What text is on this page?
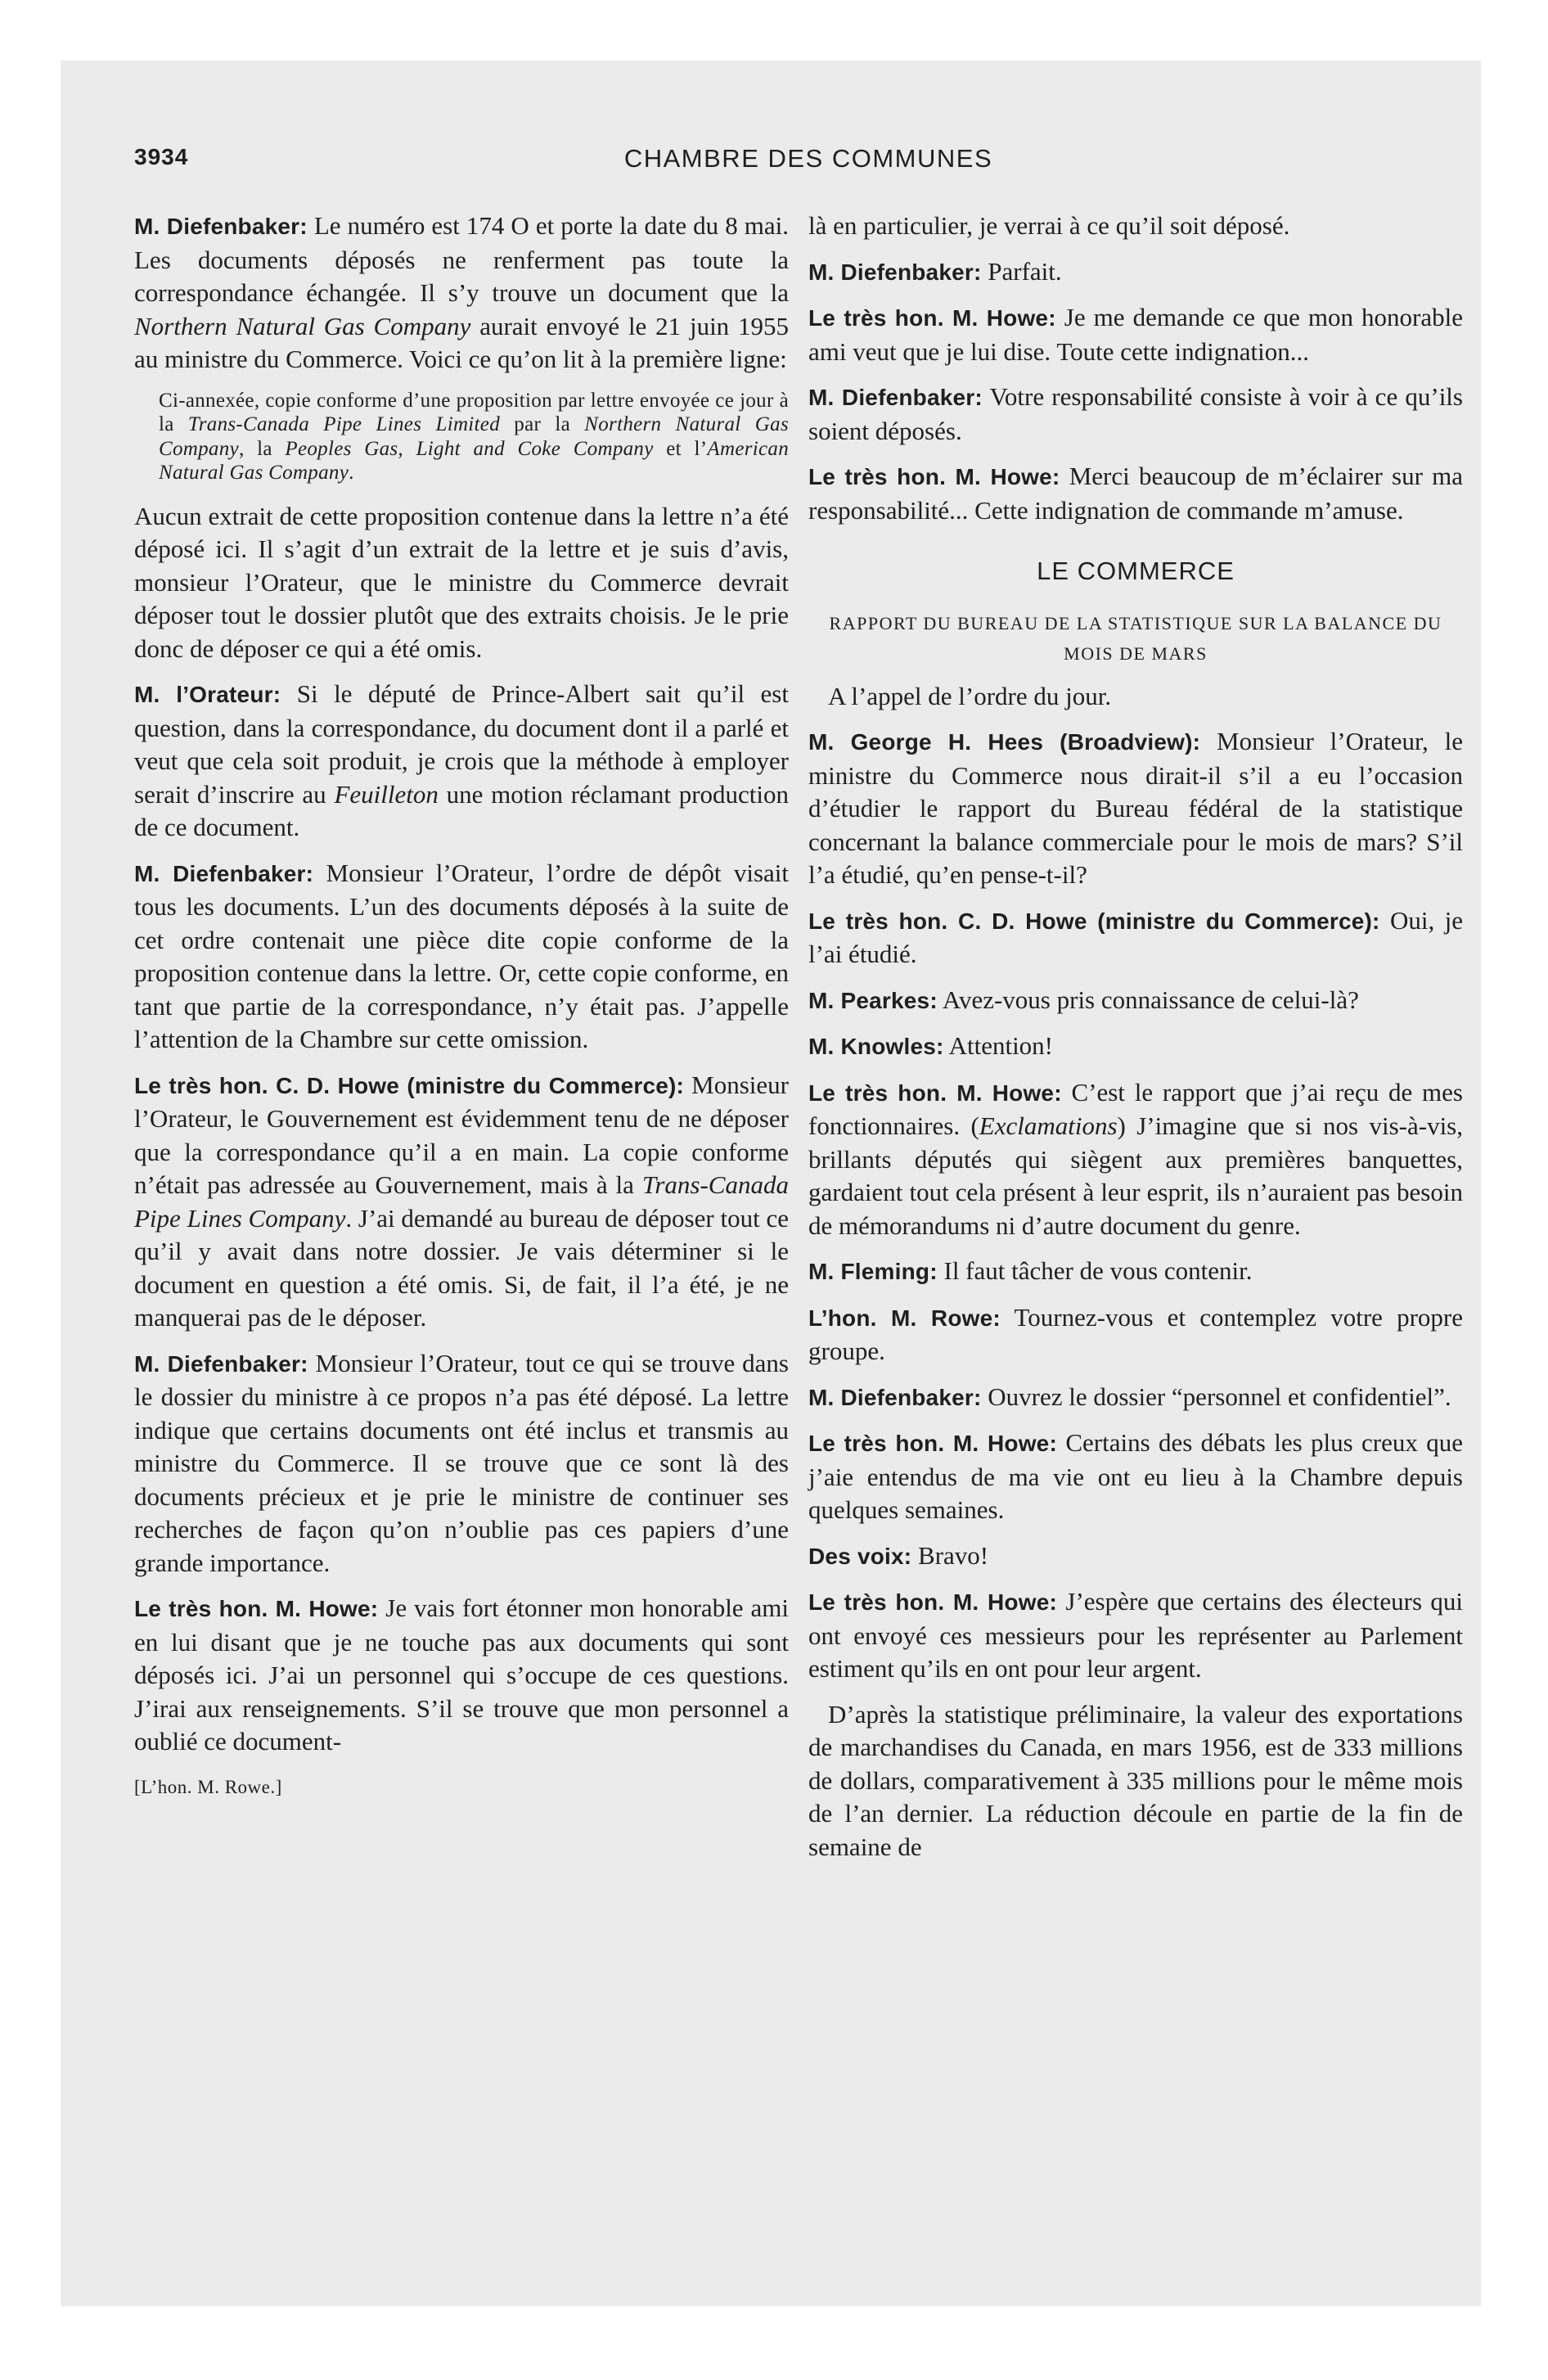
3934	CHAMBRE DES COMMUNES

M. Diefenbaker: Le numéro est 174 O et porte la date du 8 mai. Les documents déposés ne renferment pas toute la correspondance échangée. Il s’y trouve un document que la Northern Natural Gas Company aurait envoyé le 21 juin 1955 au ministre du Commerce. Voici ce qu’on lit à la première ligne:

Ci-annexée, copie conforme d’une proposition par lettre envoyée ce jour à la Trans-Canada Pipe Lines Limited par la Northern Natural Gas Company, la Peoples Gas, Light and Coke Company et l’American Natural Gas Company.

Aucun extrait de cette proposition contenue dans la lettre n’a été déposé ici. Il s’agit d’un extrait de la lettre et je suis d’avis, monsieur l’Orateur, que le ministre du Commerce devrait déposer tout le dossier plutôt que des extraits choisis. Je le prie donc de déposer ce qui a été omis.

M. l’Orateur: Si le député de Prince-Albert sait qu’il est question, dans la correspondance, du document dont il a parlé et veut que cela soit produit, je crois que la méthode à employer serait d’inscrire au Feuilleton une motion réclamant production de ce document.

M. Diefenbaker: Monsieur l’Orateur, l’ordre de dépôt visait tous les documents. L’un des documents déposés à la suite de cet ordre contenait une pièce dite copie conforme de la proposition contenue dans la lettre. Or, cette copie conforme, en tant que partie de la correspondance, n’y était pas. J’appelle l’attention de la Chambre sur cette omission.

Le très hon. C. D. Howe (ministre du Commerce): Monsieur l’Orateur, le Gouvernement est évidemment tenu de ne déposer que la correspondance qu’il a en main. La copie conforme n’était pas adressée au Gouvernement, mais à la Trans-Canada Pipe Lines Company. J’ai demandé au bureau de déposer tout ce qu’il y avait dans notre dossier. Je vais déterminer si le document en question a été omis. Si, de fait, il l’a été, je ne manquerai pas de le déposer.

M. Diefenbaker: Monsieur l’Orateur, tout ce qui se trouve dans le dossier du ministre à ce propos n’a pas été déposé. La lettre indique que certains documents ont été inclus et transmis au ministre du Commerce. Il se trouve que ce sont là des documents précieux et je prie le ministre de continuer ses recherches de façon qu’on n’oublie pas ces papiers d’une grande importance.

Le très hon. M. Howe: Je vais fort étonner mon honorable ami en lui disant que je ne touche pas aux documents qui sont déposés ici. J’ai un personnel qui s’occupe de ces questions. J’irai aux renseignements. S’il se trouve que mon personnel a oublié ce document-

[L’hon. M. Rowe.]

là en particulier, je verrai à ce qu’il soit déposé.

M. Diefenbaker: Parfait.

Le très hon. M. Howe: Je me demande ce que mon honorable ami veut que je lui dise. Toute cette indignation...

M. Diefenbaker: Votre responsabilité consiste à voir à ce qu’ils soient déposés.

Le très hon. M. Howe: Merci beaucoup de m’éclairer sur ma responsabilité... Cette indignation de commande m’amuse.

LE COMMERCE
RAPPORT DU BUREAU DE LA STATISTIQUE SUR LA BALANCE DU MOIS DE MARS

A l’appel de l’ordre du jour.

M. George H. Hees (Broadview): Monsieur l’Orateur, le ministre du Commerce nous dirait-il s’il a eu l’occasion d’étudier le rapport du Bureau fédéral de la statistique concernant la balance commerciale pour le mois de mars? S’il l’a étudié, qu’en pense-t-il?

Le très hon. C. D. Howe (ministre du Commerce): Oui, je l’ai étudié.

M. Pearkes: Avez-vous pris connaissance de celui-là?

M. Knowles: Attention!

Le très hon. M. Howe: C’est le rapport que j’ai reçu de mes fonctionnaires. (Exclamations) J’imagine que si nos vis-à-vis, brillants députés qui siègent aux premières banquettes, gardaient tout cela présent à leur esprit, ils n’auraient pas besoin de mémorandums ni d’autre document du genre.

M. Fleming: Il faut tâcher de vous contenir.

L’hon. M. Rowe: Tournez-vous et contemplez votre propre groupe.

M. Diefenbaker: Ouvrez le dossier “personnel et confidentiel”.

Le très hon. M. Howe: Certains des débats les plus creux que j’aie entendus de ma vie ont eu lieu à la Chambre depuis quelques semaines.

Des voix: Bravo!

Le très hon. M. Howe: J’espère que certains des électeurs qui ont envoyé ces messieurs pour les représenter au Parlement estiment qu’ils en ont pour leur argent.

D’après la statistique préliminaire, la valeur des exportations de marchandises du Canada, en mars 1956, est de 333 millions de dollars, comparativement à 335 millions pour le même mois de l’an dernier. La réduction découle en partie de la fin de semaine de
